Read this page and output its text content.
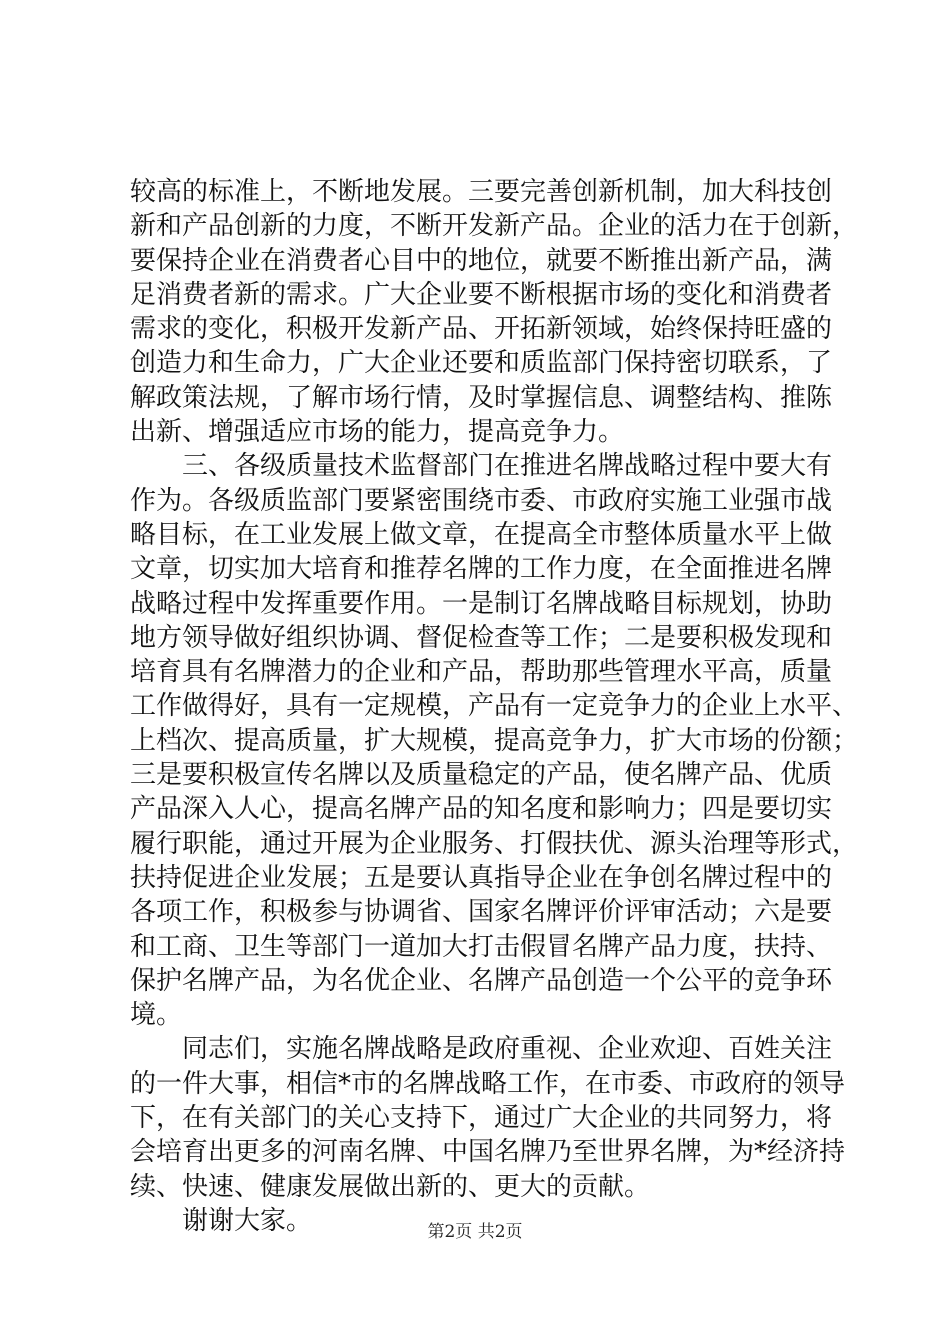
较高的标准上，不断地发展。三要完善创新机制，加大科技创
新和产品创新的力度，不断开发新产品。企业的活力在于创新，
要保持企业在消费者心目中的地位，就要不断推出新产品，满
足消费者新的需求。广大企业要不断根据市场的变化和消费者
需求的变化，积极开发新产品、开拓新领域，始终保持旺盛的
创造力和生命力，广大企业还要和质监部门保持密切联系，了
解政策法规，了解市场行情，及时掌握信息、调整结构、推陈
出新、增强适应市场的能力，提高竞争力。
三、各级质量技术监督部门在推进名牌战略过程中要大有
作为。各级质监部门要紧密围绕市委、市政府实施工业强市战
略目标，在工业发展上做文章，在提高全市整体质量水平上做
文章，切实加大培育和推荐名牌的工作力度，在全面推进名牌
战略过程中发挥重要作用。一是制订名牌战略目标规划，协助
地方领导做好组织协调、督促检查等工作；二是要积极发现和
培育具有名牌潜力的企业和产品，帮助那些管理水平高，质量
工作做得好，具有一定规模，产品有一定竞争力的企业上水平、
上档次、提高质量，扩大规模，提高竞争力，扩大市场的份额；
三是要积极宣传名牌以及质量稳定的产品，使名牌产品、优质
产品深入人心，提高名牌产品的知名度和影响力；四是要切实
履行职能，通过开展为企业服务、打假扶优、源头治理等形式，
扶持促进企业发展；五是要认真指导企业在争创名牌过程中的
各项工作，积极参与协调省、国家名牌评价评审活动；六是要
和工商、卫生等部门一道加大打击假冒名牌产品力度，扶持、
保护名牌产品，为名优企业、名牌产品创造一个公平的竞争环
境。
同志们，实施名牌战略是政府重视、企业欢迎、百姓关注
的一件大事，相信*市的名牌战略工作，在市委、市政府的领导
下，在有关部门的关心支持下，通过广大企业的共同努力，将
会培育出更多的河南名牌、中国名牌乃至世界名牌，为*经济持
续、快速、健康发展做出新的、更大的贡献。
谢谢大家。	第2页 共2页
